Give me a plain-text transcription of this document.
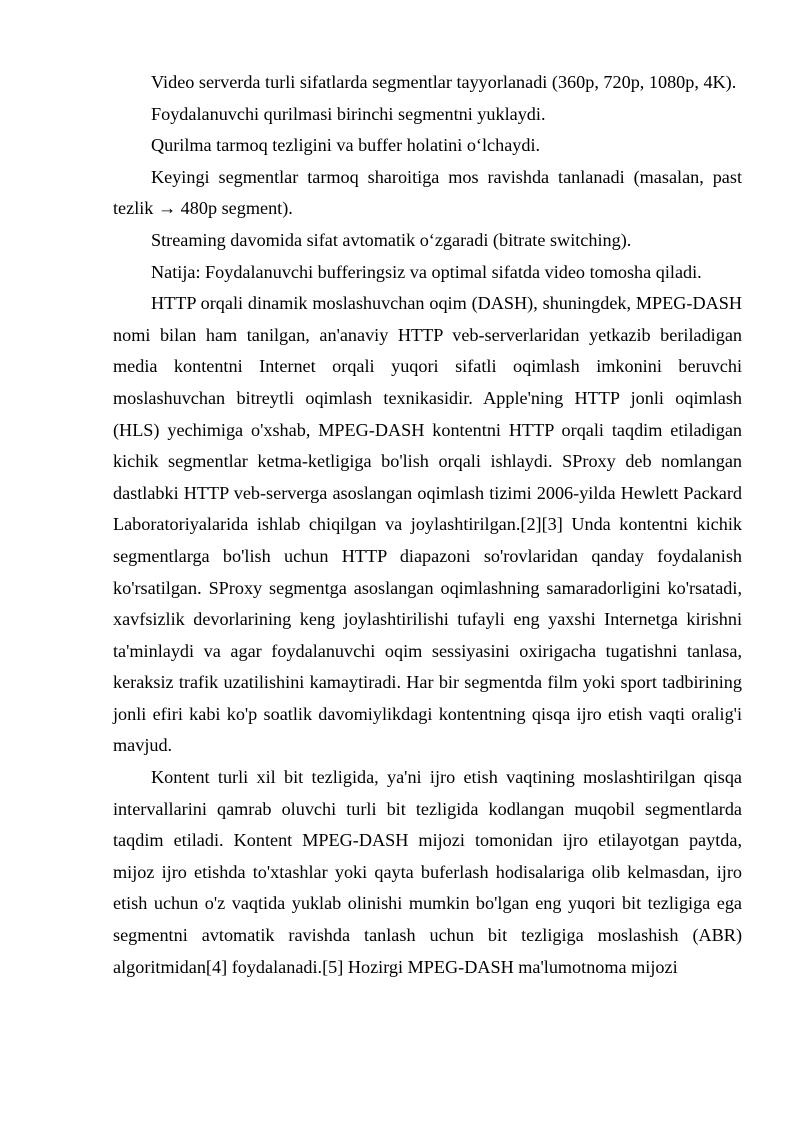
Video serverda turli sifatlarda segmentlar tayyorlanadi (360p, 720p, 1080p, 4K).

Foydalanuvchi qurilmasi birinchi segmentni yuklaydi.

Qurilma tarmoq tezligini va buffer holatini o‘lchaydi.

Keyingi segmentlar tarmoq sharoitiga mos ravishda tanlanadi (masalan, past tezlik → 480p segment).

Streaming davomida sifat avtomatik o‘zgaradi (bitrate switching).

Natija: Foydalanuvchi bufferingsiz va optimal sifatda video tomosha qiladi.

HTTP orqali dinamik moslashuvchan oqim (DASH), shuningdek, MPEG-DASH nomi bilan ham tanilgan, an'anaviy HTTP veb-serverlaridan yetkazib beriladigan media kontentni Internet orqali yuqori sifatli oqimlash imkonini beruvchi moslashuvchan bitreytli oqimlash texnikasidir. Apple'ning HTTP jonli oqimlash (HLS) yechimiga o'xshab, MPEG-DASH kontentni HTTP orqali taqdim etiladigan kichik segmentlar ketma-ketligiga bo'lish orqali ishlaydi. SProxy deb nomlangan dastlabki HTTP veb-serverga asoslangan oqimlash tizimi 2006-yilda Hewlett Packard Laboratoriyalarida ishlab chiqilgan va joylashtirilgan.[2][3] Unda kontentni kichik segmentlarga bo'lish uchun HTTP diapazoni so'rovlaridan qanday foydalanish ko'rsatilgan. SProxy segmentga asoslangan oqimlashning samaradorligini ko'rsatadi, xavfsizlik devorlarining keng joylashtirilishi tufayli eng yaxshi Internetga kirishni ta'minlaydi va agar foydalanuvchi oqim sessiyasini oxirigacha tugatishni tanlasa, keraksiz trafik uzatilishini kamaytiradi. Har bir segmentda film yoki sport tadbirining jonli efiri kabi ko'p soatlik davomiylikdagi kontentning qisqa ijro etish vaqti oralig'i mavjud.

Kontent turli xil bit tezligida, ya'ni ijro etish vaqtining moslashtirilgan qisqa intervallarini qamrab oluvchi turli bit tezligida kodlangan muqobil segmentlarda taqdim etiladi. Kontent MPEG-DASH mijozi tomonidan ijro etilayotgan paytda, mijoz ijro etishda to'xtashlar yoki qayta buferlash hodisalariga olib kelmasdan, ijro etish uchun o'z vaqtida yuklab olinishi mumkin bo'lgan eng yuqori bit tezligiga ega segmentni avtomatik ravishda tanlash uchun bit tezligiga moslashish (ABR) algoritmidan[4] foydalanadi.[5] Hozirgi MPEG-DASH ma'lumotnoma mijozi
